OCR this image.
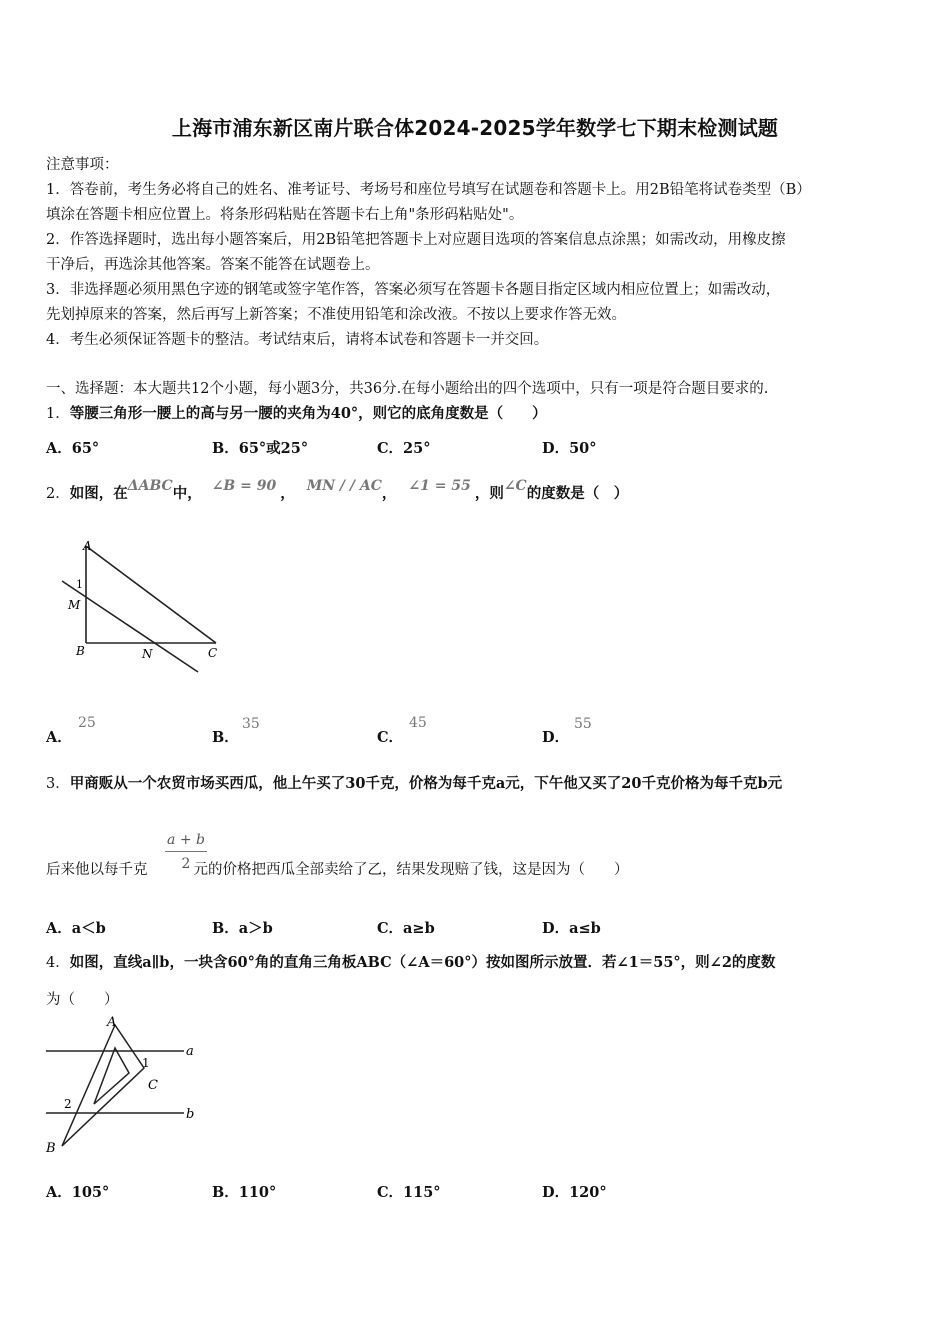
上海市浦东新区南片联合体2024-2025学年数学七下期末检测试题
注意事项：
1．答卷前，考生务必将自己的姓名、准考证号、考场号和座位号填写在试题卷和答题卡上。用2B铅笔将试卷类型（B）
填涂在答题卡相应位置上。将条形码粘贴在答题卡右上角"条形码粘贴处"。
2．作答选择题时，选出每小题答案后，用2B铅笔把答题卡上对应题目选项的答案信息点涂黑；如需改动，用橡皮擦
干净后，再选涂其他答案。答案不能答在试题卷上。
3．非选择题必须用黑色字迹的钢笔或签字笔作答，答案必须写在答题卡各题目指定区域内相应位置上；如需改动，
先划掉原来的答案，然后再写上新答案；不准使用铅笔和涂改液。不按以上要求作答无效。
4．考生必须保证答题卡的整洁。考试结束后，请将本试卷和答题卡一并交回。
一、选择题：本大题共12个小题，每小题3分，共36分.在每小题给出的四个选项中，只有一项是符合题目要求的.
1．等腰三角形一腰上的高与另一腰的夹角为40°，则它的底角度数是（　　）
A．65°	B．65°或25°	C．25°	D．50°
2．如图，在ΔABC中， ∠B = 90 ， MN / / AC， ∠1 = 55 ，则∠C的度数是（　）
A
B	C
M
N
1
A．
25
B．
35
C．
45
D．
55
3．甲商贩从一个农贸市场买西瓜，他上午买了30千克，价格为每千克a元，下午他又买了20千克价格为每千克b元
后来他以每千克	元的价格把西瓜全部卖给了乙，结果发现赔了钱，这是因为（　　）
$\frac{a + b}{2}$
A．a＜b	B．a＞b	C．a≥b	D．a≤b
4．如图，直线a∥b，一块含60°角的直角三角板ABC（∠A＝60°）按如图所示放置．若∠1＝55°，则∠2的度数
为（　　）
A
B
C
a
b
1
2
A．105°	B．110°	C．115°	D．120°
